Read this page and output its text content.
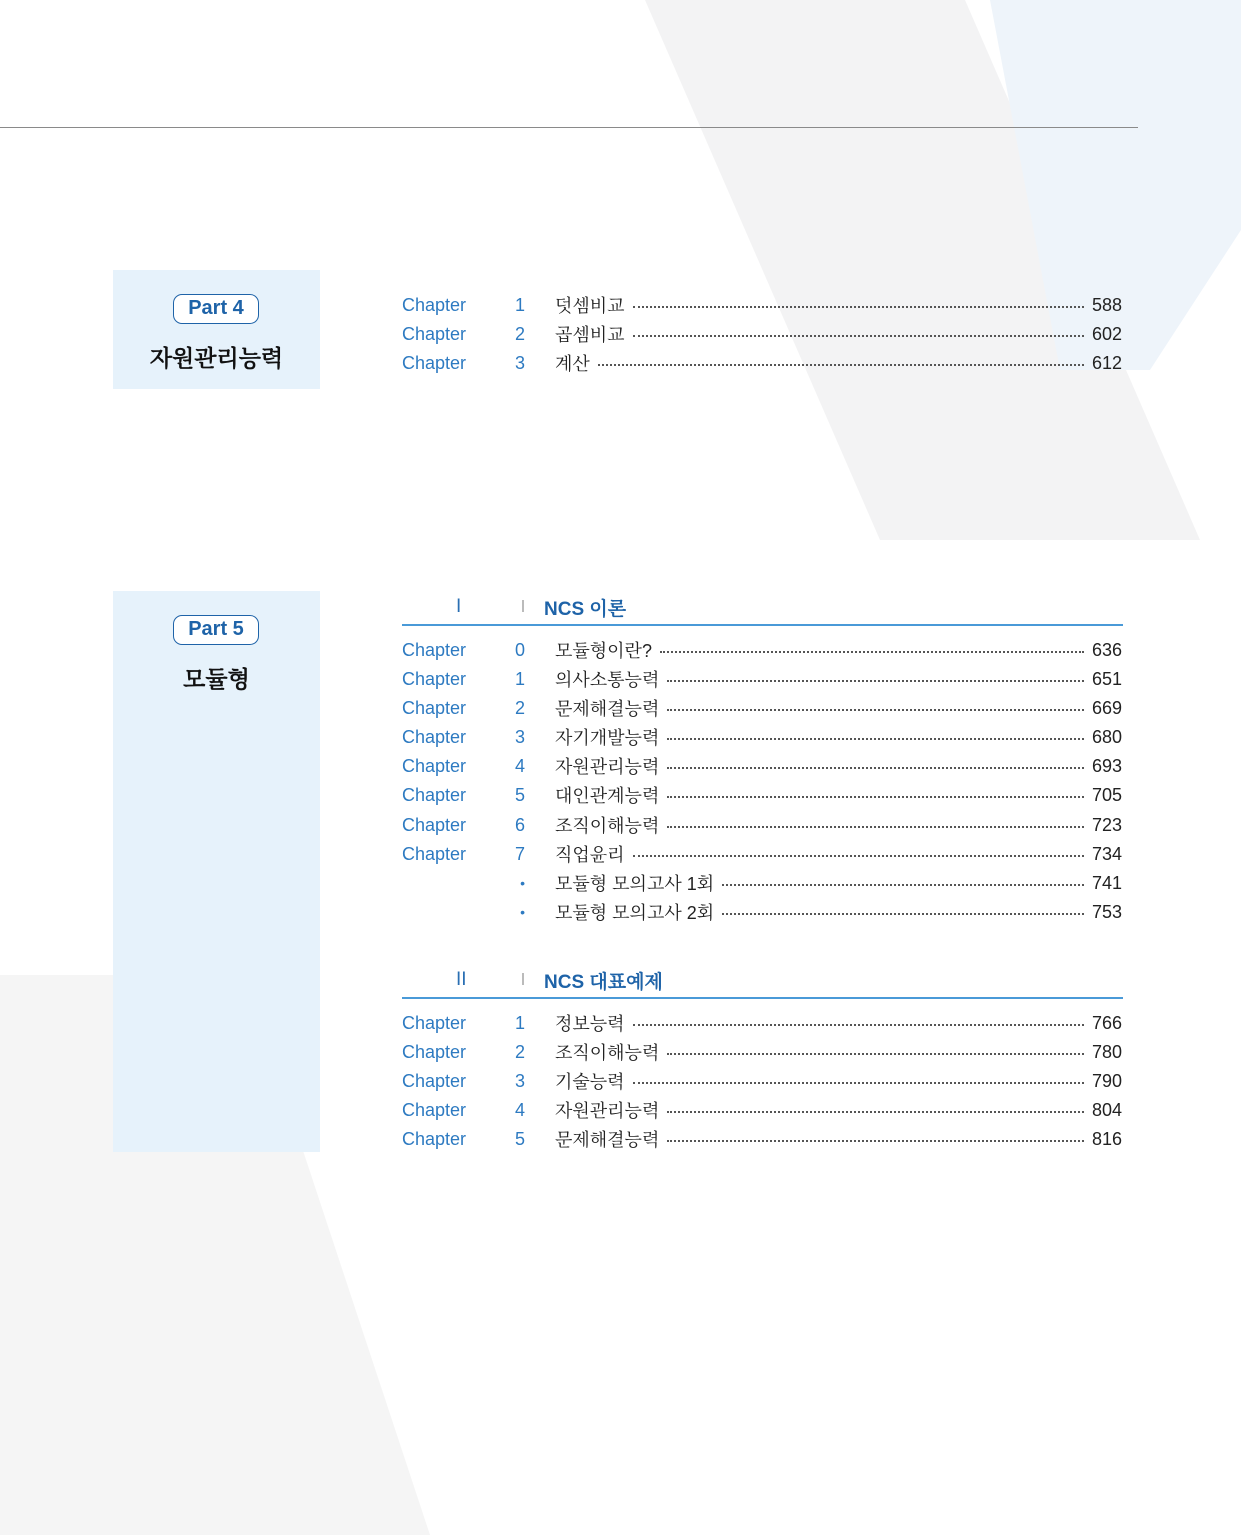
Part 4
자원관리능력
Chapter	1	덧셈비교	588
Chapter	2	곱셈비교	602
Chapter	3	계산	612
Part 5
모듈형
I	NCS 이론
Chapter	0	모듈형이란?	636
Chapter	1	의사소통능력	651
Chapter	2	문제해결능력	669
Chapter	3	자기개발능력	680
Chapter	4	자원관리능력	693
Chapter	5	대인관계능력	705
Chapter	6	조직이해능력	723
Chapter	7	직업윤리	734
•	모듈형 모의고사 1회	741
•	모듈형 모의고사 2회	753
II	NCS 대표예제
Chapter	1	정보능력	766
Chapter	2	조직이해능력	780
Chapter	3	기술능력	790
Chapter	4	자원관리능력	804
Chapter	5	문제해결능력	816
